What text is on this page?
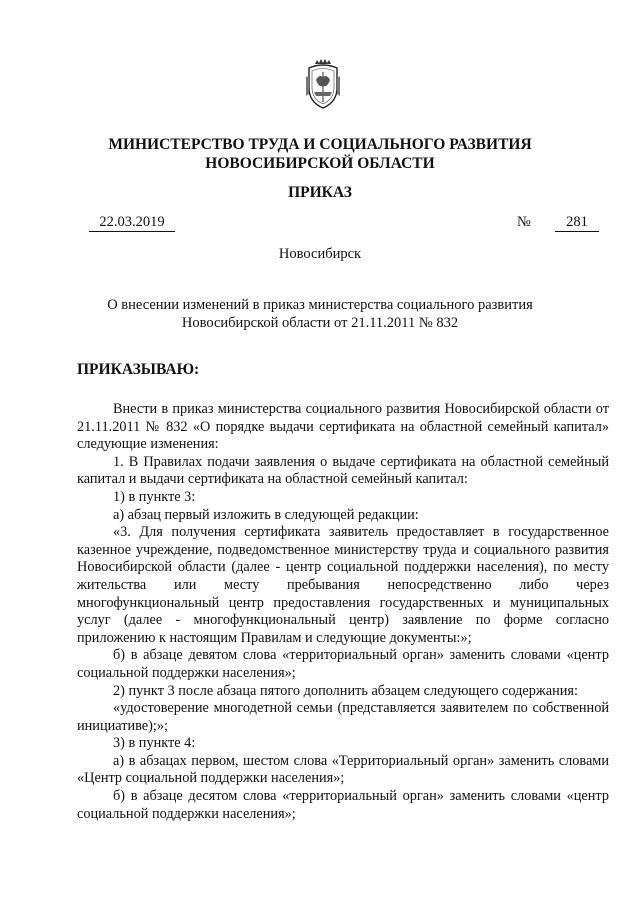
МИНИСТЕРСТВО ТРУДА И СОЦИАЛЬНОГО РАЗВИТИЯ
НОВОСИБИРСКОЙ ОБЛАСТИ
ПРИКАЗ
22.03.2019	№	281
Новосибирск
О внесении изменений в приказ министерства социального развития
Новосибирской области от 21.11.2011 № 832
ПРИКАЗЫВАЮ:

Внести в приказ министерства социального развития Новосибирской области от 21.11.2011 № 832 «О порядке выдачи сертификата на областной семейный капитал» следующие изменения:

1. В Правилах подачи заявления о выдаче сертификата на областной семейный капитал и выдачи сертификата на областной семейный капитал:

1) в пункте 3:

а) абзац первый изложить в следующей редакции:

«3. Для получения сертификата заявитель предоставляет в государственное казенное учреждение, подведомственное министерству труда и социального развития Новосибирской области (далее - центр социальной поддержки населения), по месту жительства или месту пребывания непосредственно либо через многофункциональный центр предоставления государственных и муниципальных услуг (далее - многофункциональный центр) заявление по форме согласно приложению к настоящим Правилам и следующие документы:»;

б) в абзаце девятом слова «территориальный орган» заменить словами «центр социальной поддержки населения»;

2) пункт 3 после абзаца пятого дополнить абзацем следующего содержания:

«удостоверение многодетной семьи (представляется заявителем по собственной инициативе);»;

3) в пункте 4:

а) в абзацах первом, шестом слова «Территориальный орган» заменить словами «Центр социальной поддержки населения»;

б) в абзаце десятом слова «территориальный орган» заменить словами «центр социальной поддержки населения»;
